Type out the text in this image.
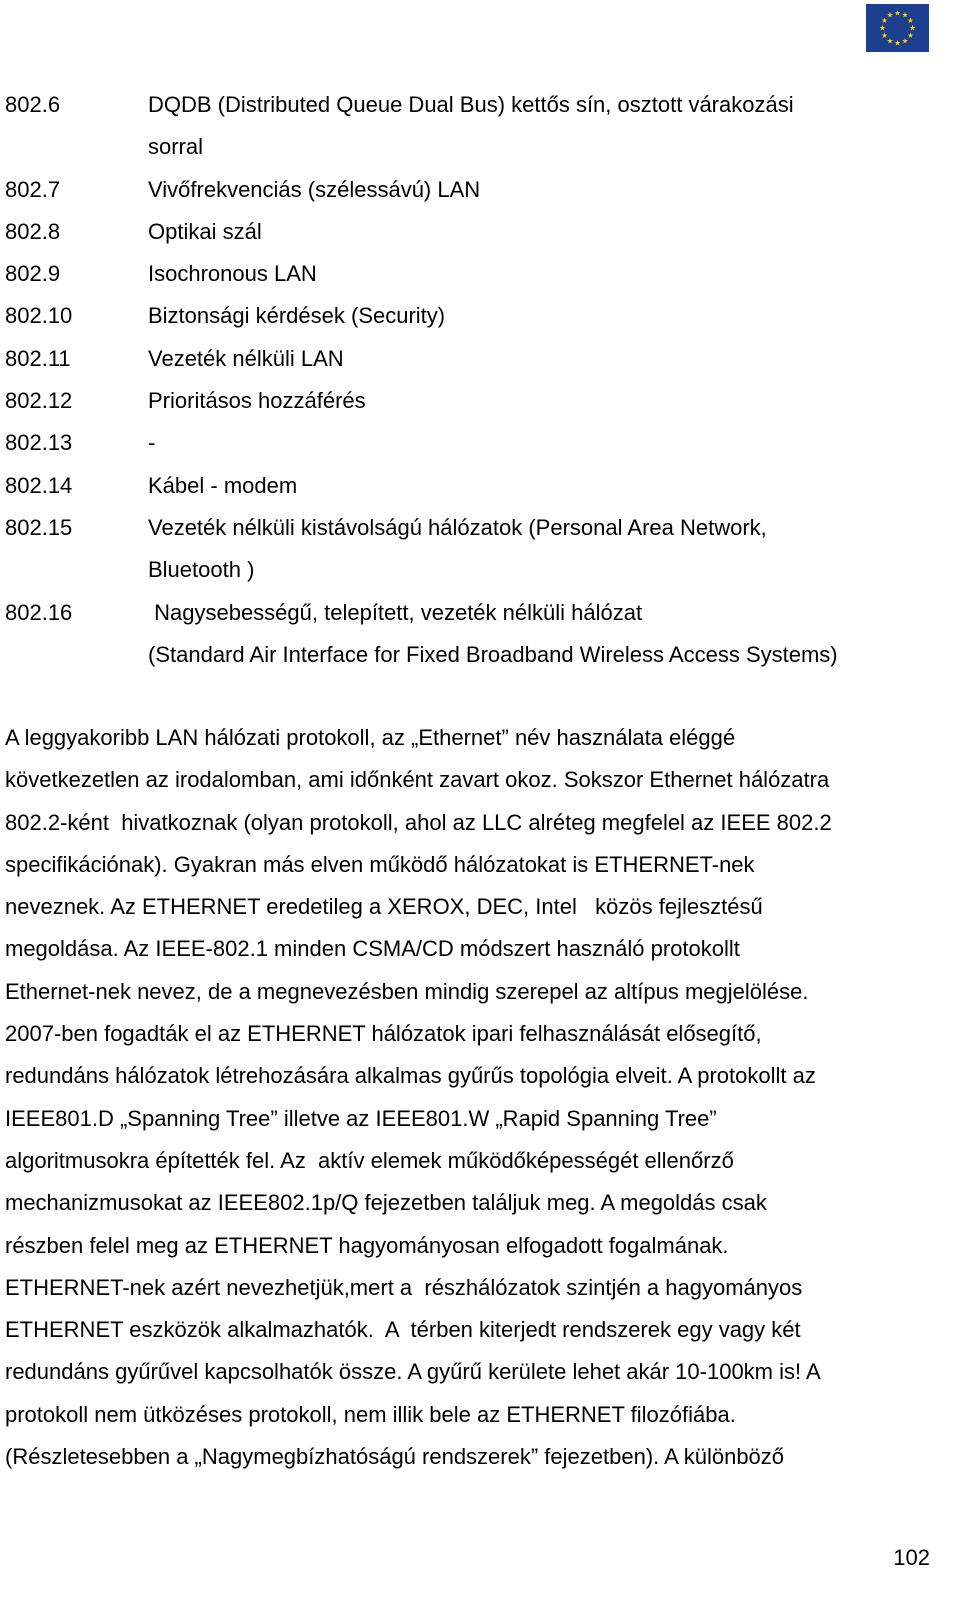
802.6	DQDB (Distributed Queue Dual Bus) kettős sín, osztott várakozási
sorral
802.7	Vivőfrekvenciás (szélessávú) LAN
802.8	Optikai szál
802.9	Isochronous LAN
802.10	Biztonsági kérdések (Security)
802.11	Vezeték nélküli LAN
802.12	Prioritásos hozzáférés
802.13	-
802.14	Kábel - modem
802.15	Vezeték nélküli kistávolságú hálózatok (Personal Area Network,
Bluetooth )
802.16	Nagysebességű, telepített, vezeték nélküli hálózat
(Standard Air Interface for Fixed Broadband Wireless Access Systems)
A leggyakoribb LAN hálózati protokoll, az „Ethernet” név használata eléggé
következetlen az irodalomban, ami időnként zavart okoz. Sokszor Ethernet hálózatra
802.2-ként  hivatkoznak (olyan protokoll, ahol az LLC alréteg megfelel az IEEE 802.2
specifikációnak). Gyakran más elven működő hálózatokat is ETHERNET-nek
neveznek. Az ETHERNET eredetileg a XEROX, DEC, Intel   közös fejlesztésű
megoldása. Az IEEE-802.1 minden CSMA/CD módszert használó protokollt
Ethernet-nek nevez, de a megnevezésben mindig szerepel az altípus megjelölése.
2007-ben fogadták el az ETHERNET hálózatok ipari felhasználását elősegítő,
redundáns hálózatok létrehozására alkalmas gyűrűs topológia elveit. A protokollt az
IEEE801.D „Spanning Tree” illetve az IEEE801.W „Rapid Spanning Tree”
algoritmusokra építették fel. Az  aktív elemek működőképességét ellenőrző
mechanizmusokat az IEEE802.1p/Q fejezetben találjuk meg. A megoldás csak
részben felel meg az ETHERNET hagyományosan elfogadott fogalmának.
ETHERNET-nek azért nevezhetjük,mert a  részhálózatok szintjén a hagyományos
ETHERNET eszközök alkalmazhatók.  A  térben kiterjedt rendszerek egy vagy két
redundáns gyűrűvel kapcsolhatók össze. A gyűrű kerülete lehet akár 10-100km is! A
protokoll nem ütközéses protokoll, nem illik bele az ETHERNET filozófiába.
(Részletesebben a „Nagymegbízhatóságú rendszerek” fejezetben). A különböző
102
